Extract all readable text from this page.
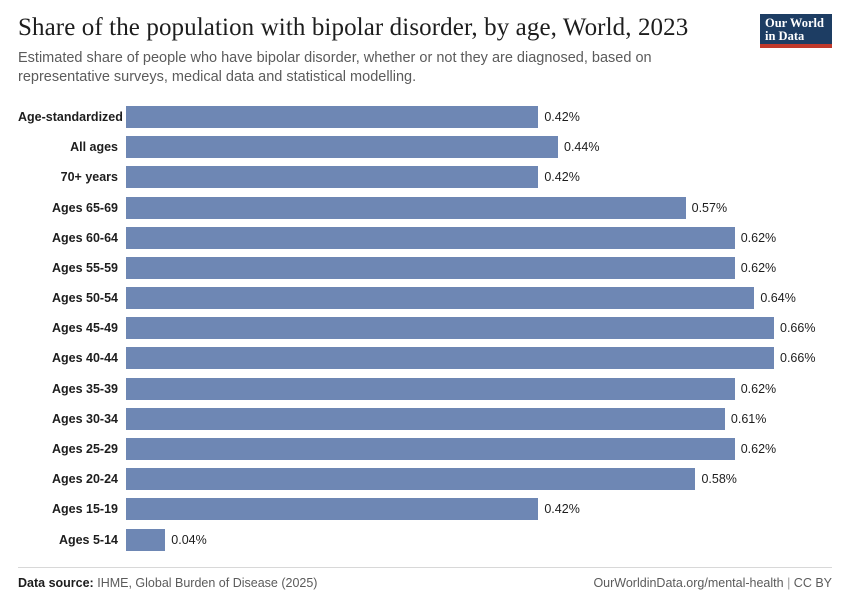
Share of the population with bipolar disorder, by age, World, 2023

Estimated share of people who have bipolar disorder, whether or not they are diagnosed, based on representative surveys, medical data and statistical modelling.

Our World
in Data
Age-standardized	0.42%
All ages	0.44%
70+ years	0.42%
Ages 65-69	0.57%
Ages 60-64	0.62%
Ages 55-59	0.62%
Ages 50-54	0.64%
Ages 45-49	0.66%
Ages 40-44	0.66%
Ages 35-39	0.62%
Ages 30-34	0.61%
Ages 25-29	0.62%
Ages 20-24	0.58%
Ages 15-19	0.42%
Ages 5-14	0.04%
Data source: IHME, Global Burden of Disease (2025)	OurWorldinData.org/mental-health | CC BY
